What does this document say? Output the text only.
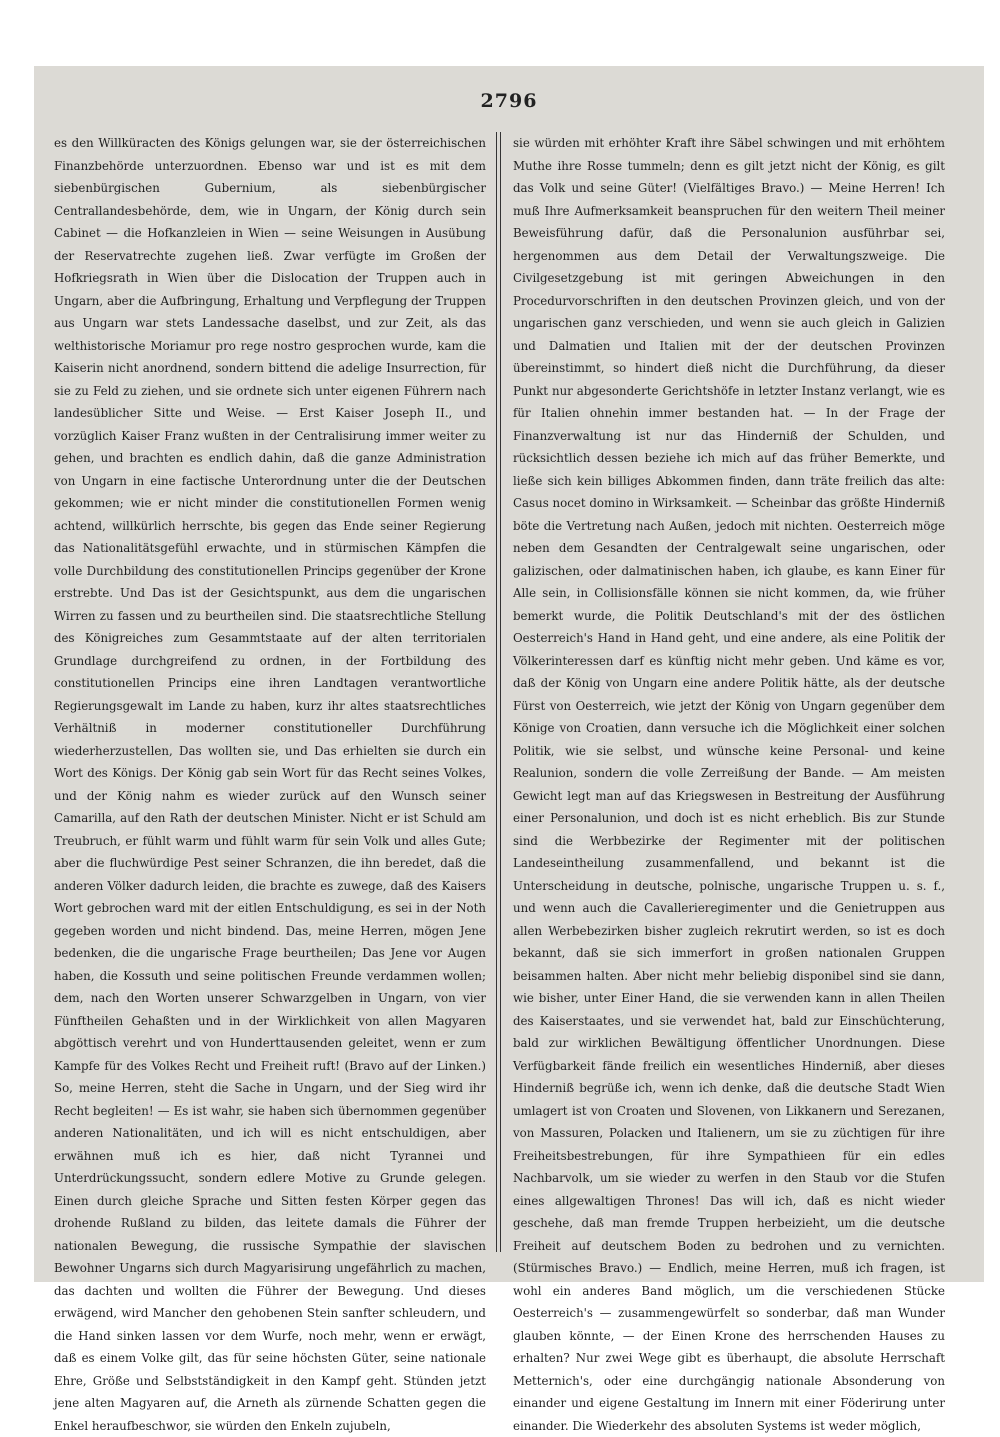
2796

es den Willküracten des Königs gelungen war, sie der österreichischen Finanzbehörde unterzuordnen. Ebenso war und ist es mit dem siebenbürgischen Gubernium, als siebenbürgischer Centrallandesbehörde, dem, wie in Ungarn, der König durch sein Cabinet — die Hofkanzleien in Wien — seine Weisungen in Ausübung der Reservatrechte zugehen ließ. Zwar verfügte im Großen der Hofkriegsrath in Wien über die Dislocation der Truppen auch in Ungarn, aber die Aufbringung, Erhaltung und Verpflegung der Truppen aus Ungarn war stets Landessache daselbst, und zur Zeit, als das welthistorische Moriamur pro rege nostro gesprochen wurde, kam die Kaiserin nicht anordnend, sondern bittend die adelige Insurrection, für sie zu Feld zu ziehen, und sie ordnete sich unter eigenen Führern nach landesüblicher Sitte und Weise. — Erst Kaiser Joseph II., und vorzüglich Kaiser Franz wußten in der Centralisirung immer weiter zu gehen, und brachten es endlich dahin, daß die ganze Administration von Ungarn in eine factische Unterordnung unter die der Deutschen gekommen; wie er nicht minder die constitutionellen Formen wenig achtend, willkürlich herrschte, bis gegen das Ende seiner Regierung das Nationalitätsgefühl erwachte, und in stürmischen Kämpfen die volle Durchbildung des constitutionellen Princips gegenüber der Krone erstrebte. Und Das ist der Gesichtspunkt, aus dem die ungarischen Wirren zu fassen und zu beurtheilen sind. Die staatsrechtliche Stellung des Königreiches zum Gesammtstaate auf der alten territorialen Grundlage durchgreifend zu ordnen, in der Fortbildung des constitutionellen Princips eine ihren Landtagen verantwortliche Regierungsgewalt im Lande zu haben, kurz ihr altes staatsrechtliches Verhältniß in moderner constitutioneller Durchführung wiederherzustellen, Das wollten sie, und Das erhielten sie durch ein Wort des Königs. Der König gab sein Wort für das Recht seines Volkes, und der König nahm es wieder zurück auf den Wunsch seiner Camarilla, auf den Rath der deutschen Minister. Nicht er ist Schuld am Treubruch, er fühlt warm und fühlt warm für sein Volk und alles Gute; aber die fluchwürdige Pest seiner Schranzen, die ihn beredet, daß die anderen Völker dadurch leiden, die brachte es zuwege, daß des Kaisers Wort gebrochen ward mit der eitlen Entschuldigung, es sei in der Noth gegeben worden und nicht bindend. Das, meine Herren, mögen Jene bedenken, die die ungarische Frage beurtheilen; Das Jene vor Augen haben, die Kossuth und seine politischen Freunde verdammen wollen; dem, nach den Worten unserer Schwarzgelben in Ungarn, von vier Fünftheilen Gehaßten und in der Wirklichkeit von allen Magyaren abgöttisch verehrt und von Hunderttausenden geleitet, wenn er zum Kampfe für des Volkes Recht und Freiheit ruft! (Bravo auf der Linken.) So, meine Herren, steht die Sache in Ungarn, und der Sieg wird ihr Recht begleiten! — Es ist wahr, sie haben sich übernommen gegenüber anderen Nationalitäten, und ich will es nicht entschuldigen, aber erwähnen muß ich es hier, daß nicht Tyrannei und Unterdrückungssucht, sondern edlere Motive zu Grunde gelegen. Einen durch gleiche Sprache und Sitten festen Körper gegen das drohende Rußland zu bilden, das leitete damals die Führer der nationalen Bewegung, die russische Sympathie der slavischen Bewohner Ungarns sich durch Magyarisirung ungefährlich zu machen, das dachten und wollten die Führer der Bewegung. Und dieses erwägend, wird Mancher den gehobenen Stein sanfter schleudern, und die Hand sinken lassen vor dem Wurfe, noch mehr, wenn er erwägt, daß es einem Volke gilt, das für seine höchsten Güter, seine nationale Ehre, Größe und Selbstständigkeit in den Kampf geht. Stünden jetzt jene alten Magyaren auf, die Arneth als zürnende Schatten gegen die Enkel heraufbeschwor, sie würden den Enkeln zujubeln,

sie würden mit erhöhter Kraft ihre Säbel schwingen und mit erhöhtem Muthe ihre Rosse tummeln; denn es gilt jetzt nicht der König, es gilt das Volk und seine Güter! (Vielfältiges Bravo.) — Meine Herren! Ich muß Ihre Aufmerksamkeit beanspruchen für den weitern Theil meiner Beweisführung dafür, daß die Personalunion ausführbar sei, hergenommen aus dem Detail der Verwaltungszweige. Die Civilgesetzgebung ist mit geringen Abweichungen in den Procedurvorschriften in den deutschen Provinzen gleich, und von der ungarischen ganz verschieden, und wenn sie auch gleich in Galizien und Dalmatien und Italien mit der der deutschen Provinzen übereinstimmt, so hindert dieß nicht die Durchführung, da dieser Punkt nur abgesonderte Gerichtshöfe in letzter Instanz verlangt, wie es für Italien ohnehin immer bestanden hat. — In der Frage der Finanzverwaltung ist nur das Hinderniß der Schulden, und rücksichtlich dessen beziehe ich mich auf das früher Bemerkte, und ließe sich kein billiges Abkommen finden, dann träte freilich das alte: Casus nocet domino in Wirksamkeit. — Scheinbar das größte Hinderniß böte die Vertretung nach Außen, jedoch mit nichten. Oesterreich möge neben dem Gesandten der Centralgewalt seine ungarischen, oder galizischen, oder dalmatinischen haben, ich glaube, es kann Einer für Alle sein, in Collisionsfälle können sie nicht kommen, da, wie früher bemerkt wurde, die Politik Deutschland's mit der des östlichen Oesterreich's Hand in Hand geht, und eine andere, als eine Politik der Völkerinteressen darf es künftig nicht mehr geben. Und käme es vor, daß der König von Ungarn eine andere Politik hätte, als der deutsche Fürst von Oesterreich, wie jetzt der König von Ungarn gegenüber dem Könige von Croatien, dann versuche ich die Möglichkeit einer solchen Politik, wie sie selbst, und wünsche keine Personal- und keine Realunion, sondern die volle Zerreißung der Bande. — Am meisten Gewicht legt man auf das Kriegswesen in Bestreitung der Ausführung einer Personalunion, und doch ist es nicht erheblich. Bis zur Stunde sind die Werbbezirke der Regimenter mit der politischen Landeseintheilung zusammenfallend, und bekannt ist die Unterscheidung in deutsche, polnische, ungarische Truppen u. s. f., und wenn auch die Cavallerieregimenter und die Genietruppen aus allen Werbebezirken bisher zugleich rekrutirt werden, so ist es doch bekannt, daß sie sich immerfort in großen nationalen Gruppen beisammen halten. Aber nicht mehr beliebig disponibel sind sie dann, wie bisher, unter Einer Hand, die sie verwenden kann in allen Theilen des Kaiserstaates, und sie verwendet hat, bald zur Einschüchterung, bald zur wirklichen Bewältigung öffentlicher Unordnungen. Diese Verfügbarkeit fände freilich ein wesentliches Hinderniß, aber dieses Hinderniß begrüße ich, wenn ich denke, daß die deutsche Stadt Wien umlagert ist von Croaten und Slovenen, von Likkanern und Serezanen, von Massuren, Polacken und Italienern, um sie zu züchtigen für ihre Freiheitsbestrebungen, für ihre Sympathieen für ein edles Nachbarvolk, um sie wieder zu werfen in den Staub vor die Stufen eines allgewaltigen Thrones! Das will ich, daß es nicht wieder geschehe, daß man fremde Truppen herbeizieht, um die deutsche Freiheit auf deutschem Boden zu bedrohen und zu vernichten. (Stürmisches Bravo.) — Endlich, meine Herren, muß ich fragen, ist wohl ein anderes Band möglich, um die verschiedenen Stücke Oesterreich's — zusammengewürfelt so sonderbar, daß man Wunder glauben könnte, — der Einen Krone des herrschenden Hauses zu erhalten? Nur zwei Wege gibt es überhaupt, die absolute Herrschaft Metternich's, oder eine durchgängig nationale Absonderung von einander und eigene Gestaltung im Innern mit einer Föderirung unter einander. Die Wiederkehr des absoluten Systems ist weder möglich,
